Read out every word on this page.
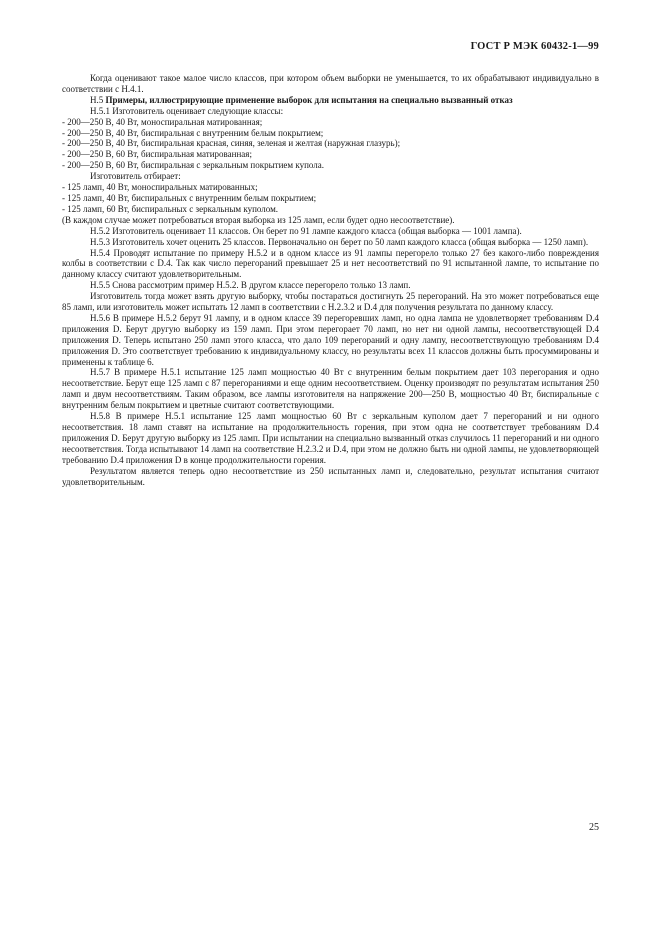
ГОСТ Р МЭК 60432-1—99

Когда оценивают такое малое число классов, при котором объем выборки не уменьшается, то их обрабатывают индивидуально в соответствии с Н.4.1.

Н.5 Примеры, иллюстрирующие применение выборок для испытания на специально вызванный отказ

Н.5.1 Изготовитель оценивает следующие классы:

- 200—250 В, 40 Вт, моноспиральная матированная;

- 200—250 В, 40 Вт, биспиральная с внутренним белым покрытием;

- 200—250 В, 40 Вт, биспиральная красная, синяя, зеленая и желтая (наружная глазурь);

- 200—250 В, 60 Вт, биспиральная матированная;

- 200—250 В, 60 Вт, биспиральная с зеркальным покрытием купола.

Изготовитель отбирает:

- 125 ламп, 40 Вт, моноспиральных матированных;

- 125 ламп, 40 Вт, биспиральных с внутренним белым покрытием;

- 125 ламп, 60 Вт, биспиральных с зеркальным куполом.

(В каждом случае может потребоваться вторая выборка из 125 ламп, если будет одно несоответствие).

Н.5.2 Изготовитель оценивает 11 классов. Он берет по 91 лампе каждого класса (общая выборка — 1001 лампа).

Н.5.3 Изготовитель хочет оценить 25 классов. Первоначально он берет по 50 ламп каждого класса (общая выборка — 1250 ламп).

Н.5.4 Проводят испытание по примеру Н.5.2 и в одном классе из 91 лампы перегорело только 27 без какого-либо повреждения колбы в соответствии с D.4. Так как число перегораний превышает 25 и нет несоответствий по 91 испытанной лампе, то испытание по данному классу считают удовлетворительным.

Н.5.5 Снова рассмотрим пример Н.5.2. В другом классе перегорело только 13 ламп.

Изготовитель тогда может взять другую выборку, чтобы постараться достигнуть 25 перегораний. На это может потребоваться еще 85 ламп, или изготовитель может испытать 12 ламп в соответствии с Н.2.3.2 и D.4 для получения результата по данному классу.

Н.5.6 В примере Н.5.2 берут 91 лампу, и в одном классе 39 перегоревших ламп, но одна лампа не удовлетворяет требованиям D.4 приложения D. Берут другую выборку из 159 ламп. При этом перегорает 70 ламп, но нет ни одной лампы, несоответствующей D.4 приложения D. Теперь испытано 250 ламп этого класса, что дало 109 перегораний и одну лампу, несоответствующую требованиям D.4 приложения D. Это соответствует требованию к индивидуальному классу, но результаты всех 11 классов должны быть просуммированы и применены к таблице 6.

Н.5.7 В примере Н.5.1 испытание 125 ламп мощностью 40 Вт с внутренним белым покрытием дает 103 перегорания и одно несоответствие. Берут еще 125 ламп с 87 перегораниями и еще одним несоответствием. Оценку производят по результатам испытания 250 ламп и двум несоответствиям. Таким образом, все лампы изготовителя на напряжение 200—250 В, мощностью 40 Вт, биспиральные с внутренним белым покрытием и цветные считают соответствующими.

Н.5.8 В примере Н.5.1 испытание 125 ламп мощностью 60 Вт с зеркальным куполом дает 7 перегораний и ни одного несоответствия. 18 ламп ставят на испытание на продолжительность горения, при этом одна не соответствует требованиям D.4 приложения D. Берут другую выборку из 125 ламп. При испытании на специально вызванный отказ случилось 11 перегораний и ни одного несоответствия. Тогда испытывают 14 ламп на соответствие Н.2.3.2 и D.4, при этом не должно быть ни одной лампы, не удовлетворяющей требованию D.4 приложения D в конце продолжительности горения.

Результатом является теперь одно несоответствие из 250 испытанных ламп и, следовательно, результат испытания считают удовлетворительным.

25
